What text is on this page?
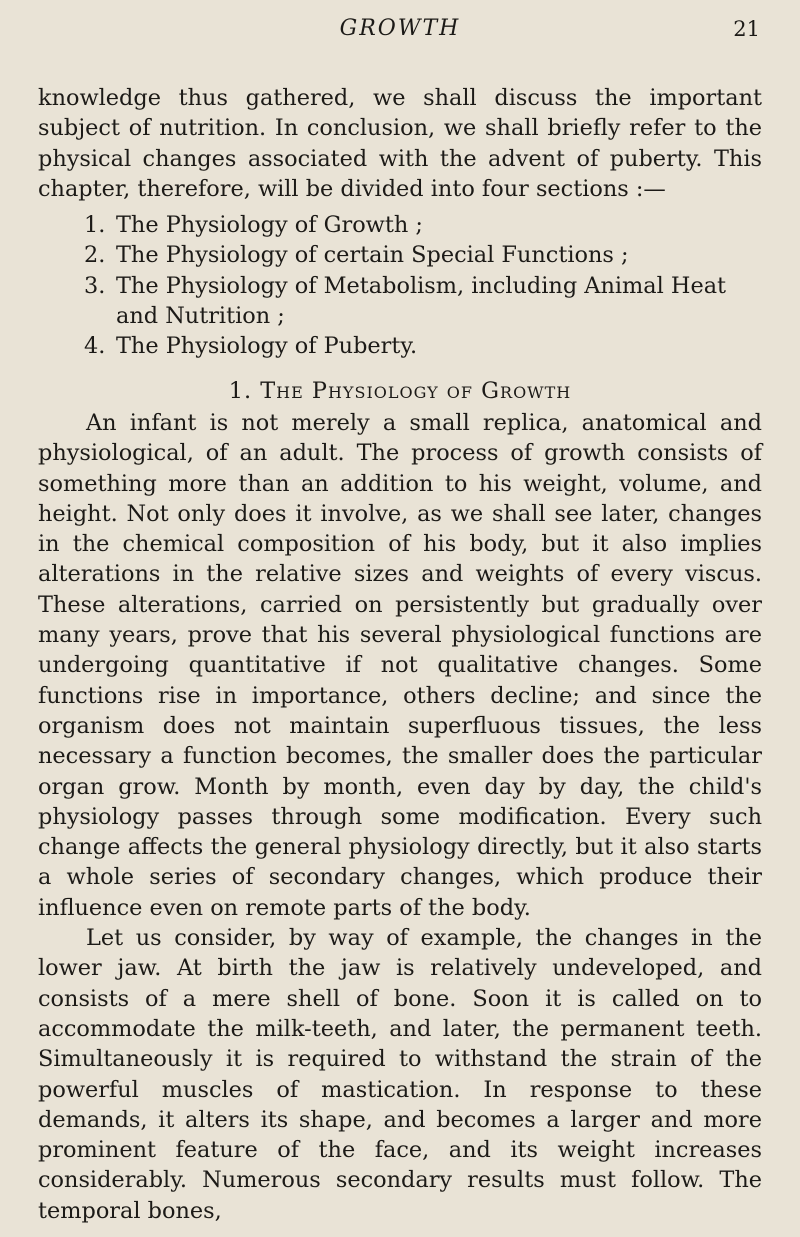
GROWTH	21

knowledge thus gathered, we shall discuss the important subject of nutrition. In conclusion, we shall briefly refer to the physical changes associated with the advent of puberty. This chapter, therefore, will be divided into four sections :—

1. The Physiology of Growth ;
2. The Physiology of certain Special Functions ;
3. The Physiology of Metabolism, including Animal Heat and Nutrition ;
4. The Physiology of Puberty.
1. The Physiology of Growth

An infant is not merely a small replica, anatomical and physiological, of an adult. The process of growth consists of something more than an addition to his weight, volume, and height. Not only does it involve, as we shall see later, changes in the chemical composition of his body, but it also implies alterations in the relative sizes and weights of every viscus. These alterations, carried on persistently but gradually over many years, prove that his several physiological functions are undergoing quantitative if not qualitative changes. Some functions rise in importance, others decline; and since the organism does not maintain superfluous tissues, the less necessary a function becomes, the smaller does the particular organ grow. Month by month, even day by day, the child's physiology passes through some modification. Every such change affects the general physiology directly, but it also starts a whole series of secondary changes, which produce their influence even on remote parts of the body.

Let us consider, by way of example, the changes in the lower jaw. At birth the jaw is relatively undeveloped, and consists of a mere shell of bone. Soon it is called on to accommodate the milk-teeth, and later, the permanent teeth. Simultaneously it is required to withstand the strain of the powerful muscles of mastication. In response to these demands, it alters its shape, and becomes a larger and more prominent feature of the face, and its weight increases considerably. Numerous secondary results must follow. The temporal bones,
